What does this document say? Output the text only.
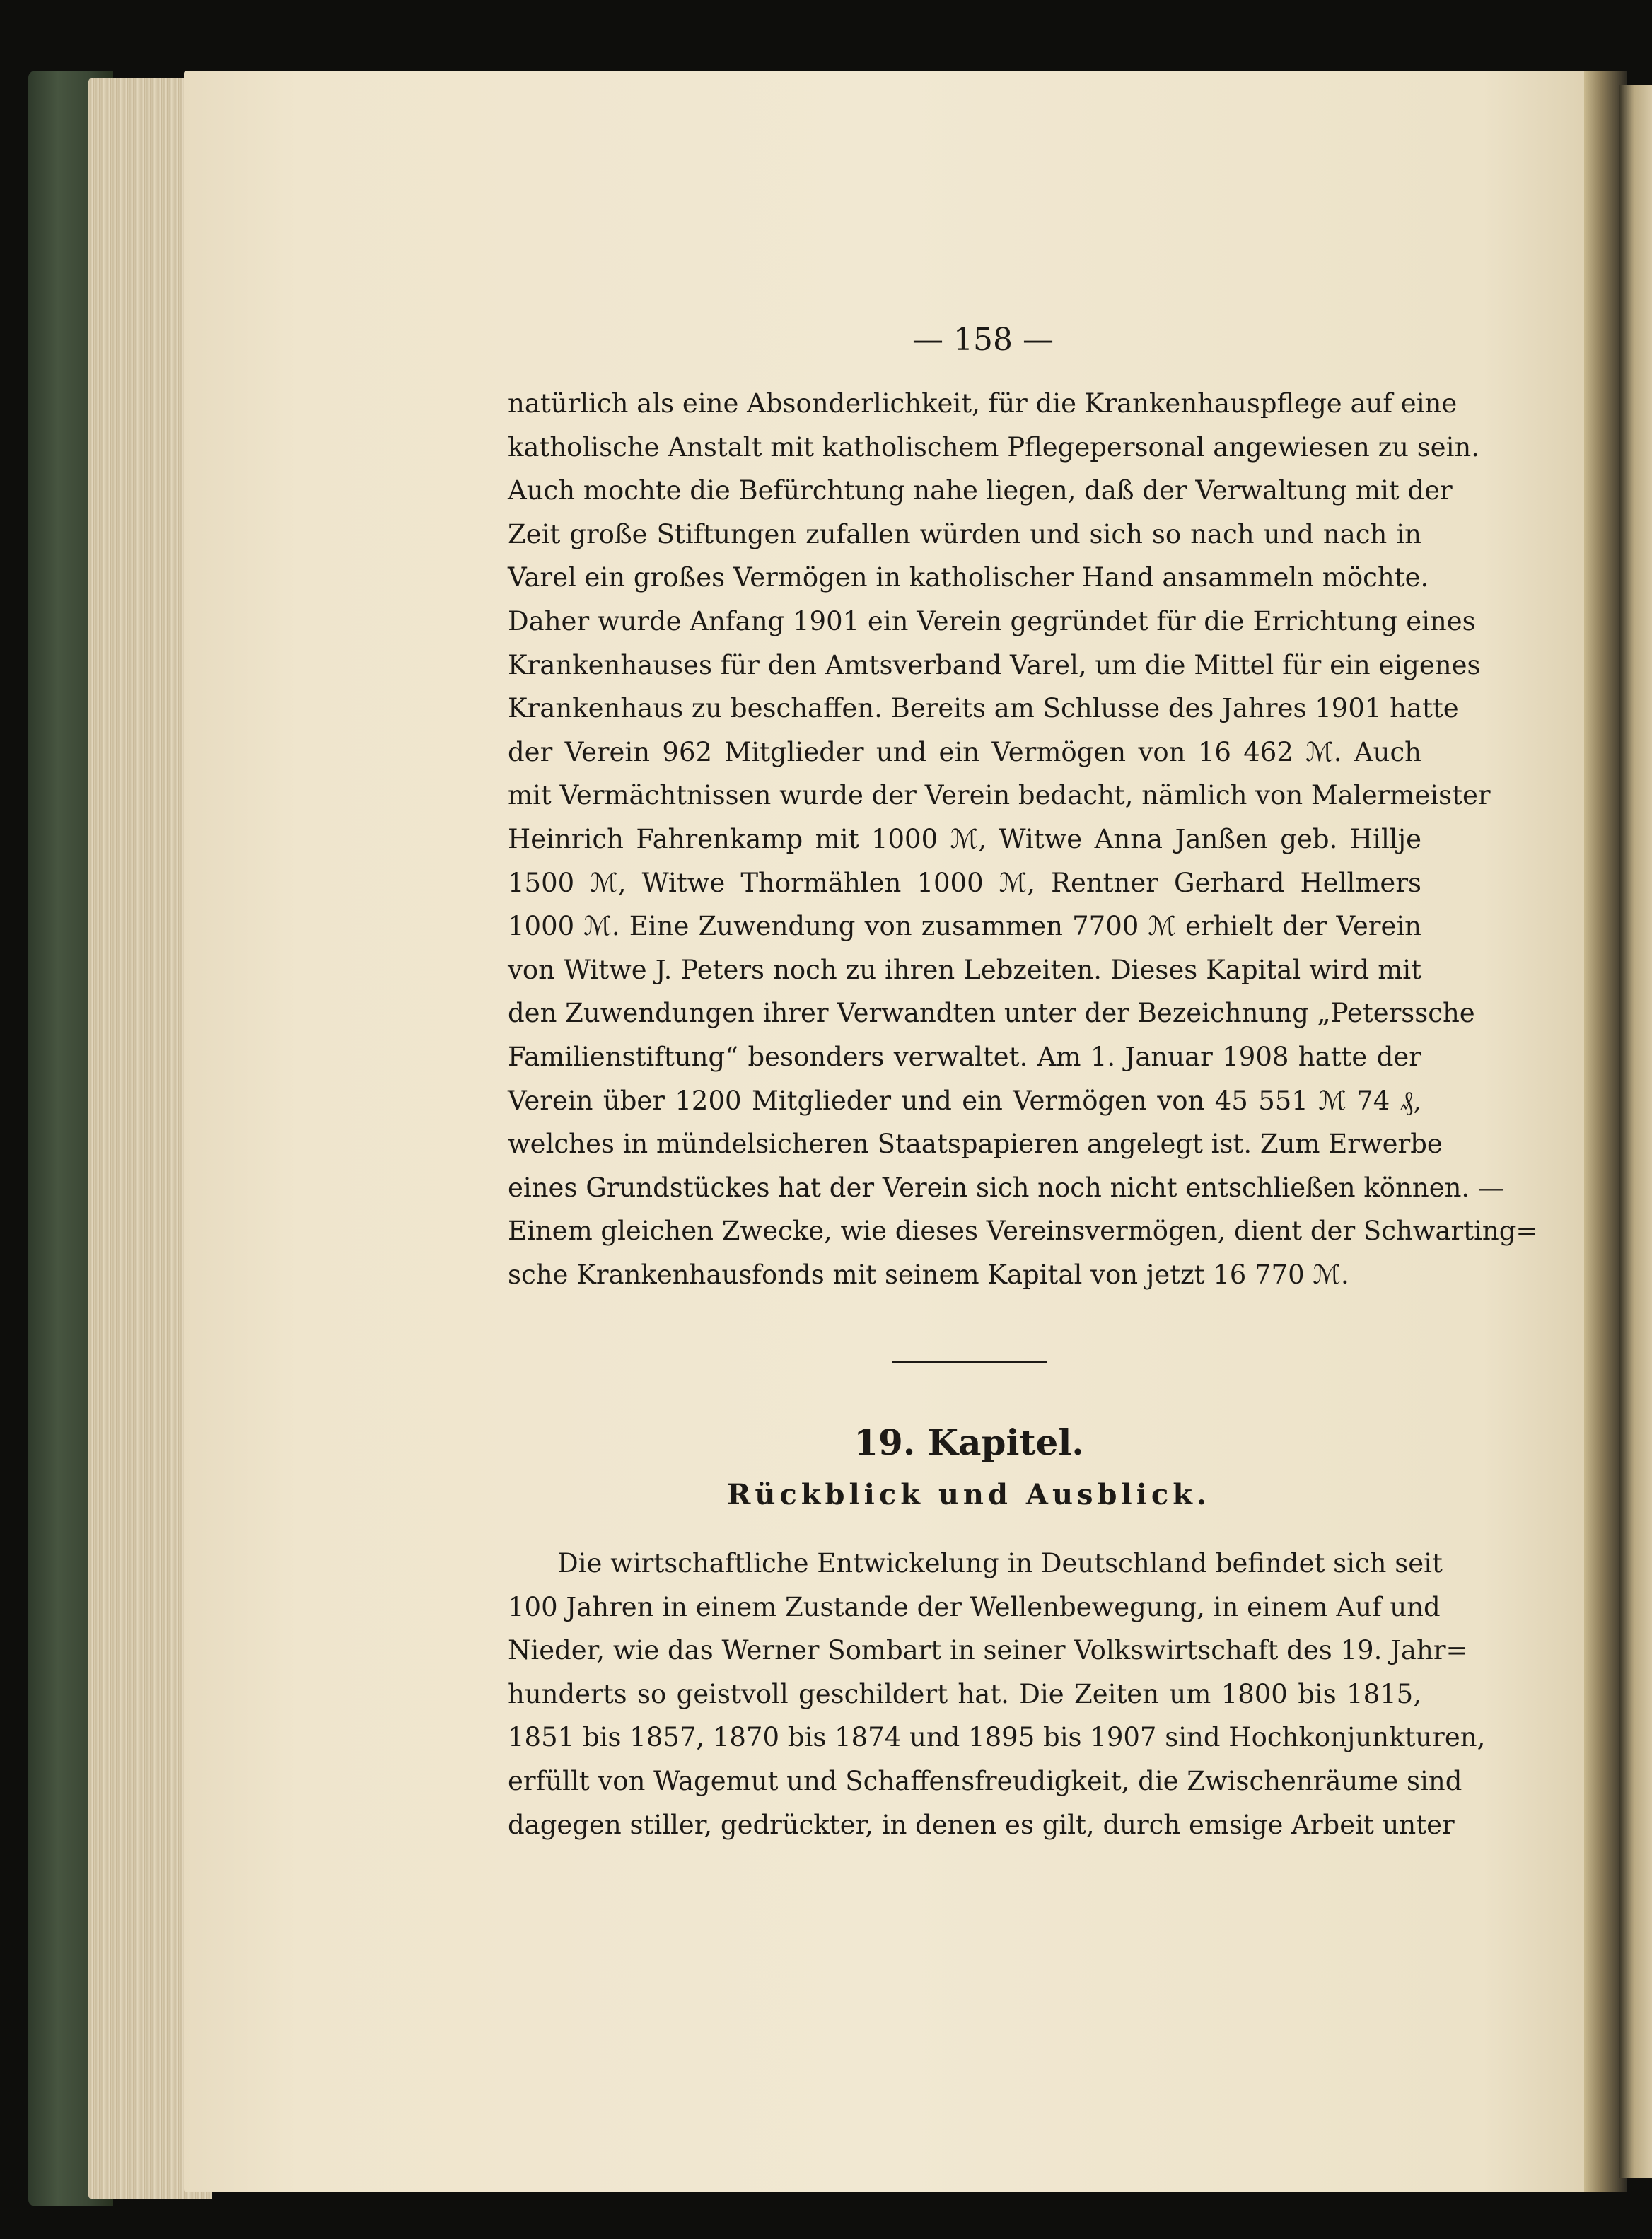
— 158 —
natürlich als eine Absonderlichkeit, für die Krankenhauspflege auf eine
katholische Anstalt mit katholischem Pflegepersonal angewiesen zu sein.
Auch mochte die Befürchtung nahe liegen, daß der Verwaltung mit der
Zeit große Stiftungen zufallen würden und sich so nach und nach in
Varel ein großes Vermögen in katholischer Hand ansammeln möchte.
Daher wurde Anfang 1901 ein Verein gegründet für die Errichtung eines
Krankenhauses für den Amtsverband Varel, um die Mittel für ein eigenes
Krankenhaus zu beschaffen. Bereits am Schlusse des Jahres 1901 hatte
der Verein 962 Mitglieder und ein Vermögen von 16 462 ℳ. Auch
mit Vermächtnissen wurde der Verein bedacht, nämlich von Malermeister
Heinrich Fahrenkamp mit 1000 ℳ, Witwe Anna Janßen geb. Hillje
1500 ℳ, Witwe Thormählen 1000 ℳ, Rentner Gerhard Hellmers
1000 ℳ. Eine Zuwendung von zusammen 7700 ℳ erhielt der Verein
von Witwe J. Peters noch zu ihren Lebzeiten. Dieses Kapital wird mit
den Zuwendungen ihrer Verwandten unter der Bezeichnung „Peterssche
Familienstiftung“ besonders verwaltet. Am 1. Januar 1908 hatte der
Verein über 1200 Mitglieder und ein Vermögen von 45 551 ℳ 74 ₰,
welches in mündelsicheren Staatspapieren angelegt ist. Zum Erwerbe
eines Grundstückes hat der Verein sich noch nicht entschließen können. —
Einem gleichen Zwecke, wie dieses Vereinsvermögen, dient der Schwarting=
sche Krankenhausfonds mit seinem Kapital von jetzt 16 770 ℳ.
19. Kapitel.
Rückblick und Ausblick.
Die wirtschaftliche Entwickelung in Deutschland befindet sich seit
100 Jahren in einem Zustande der Wellenbewegung, in einem Auf und
Nieder, wie das Werner Sombart in seiner Volkswirtschaft des 19. Jahr=
hunderts so geistvoll geschildert hat. Die Zeiten um 1800 bis 1815,
1851 bis 1857, 1870 bis 1874 und 1895 bis 1907 sind Hochkonjunkturen,
erfüllt von Wagemut und Schaffensfreudigkeit, die Zwischenräume sind
dagegen stiller, gedrückter, in denen es gilt, durch emsige Arbeit unter
